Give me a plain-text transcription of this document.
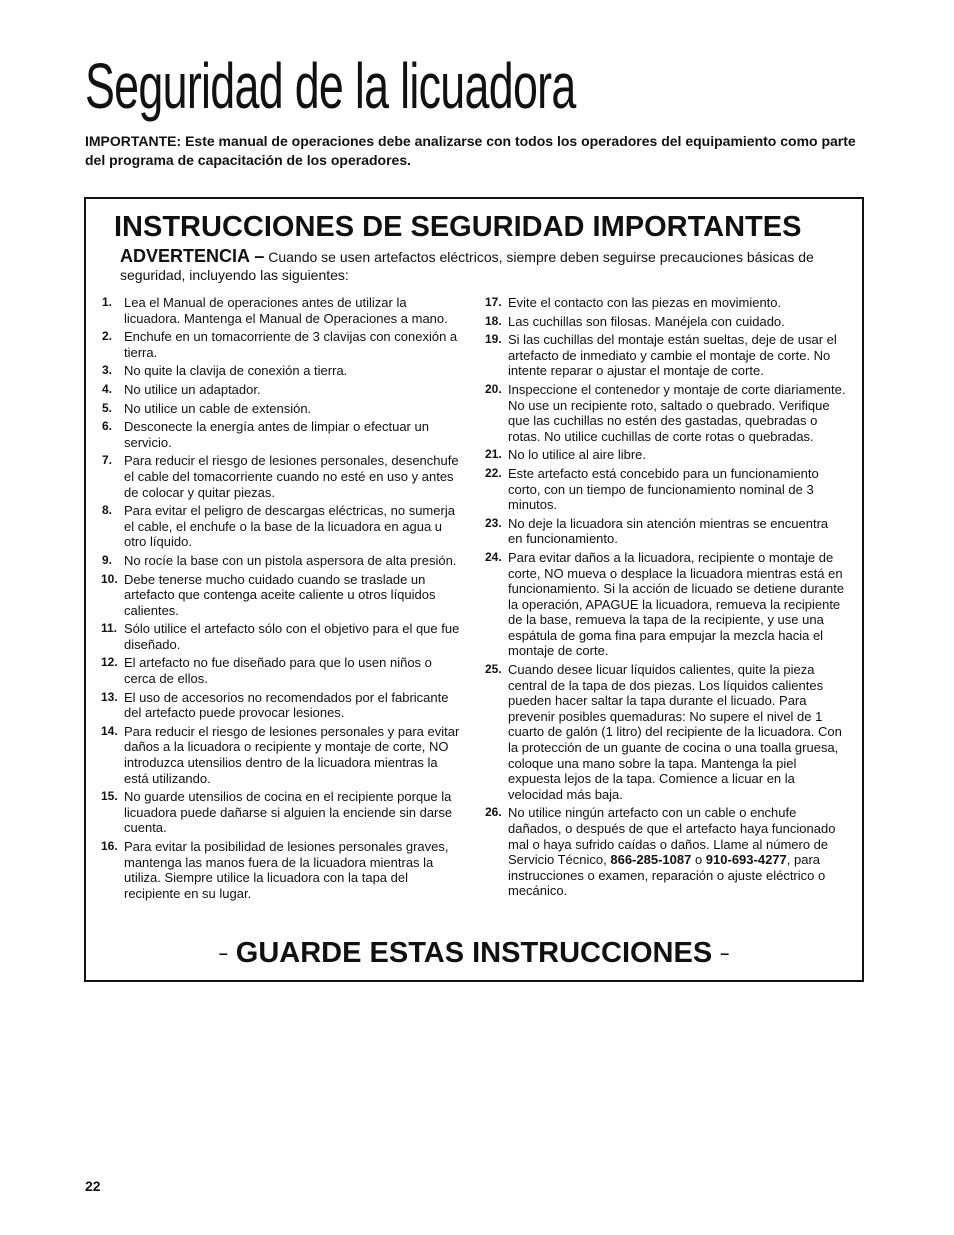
Seguridad de la licuadora
IMPORTANTE: Este manual de operaciones debe analizarse con todos los operadores del equipamiento como parte del programa de capacitación de los operadores.
INSTRUCCIONES DE SEGURIDAD IMPORTANTES
ADVERTENCIA – Cuando se usen artefactos eléctricos, siempre deben seguirse precauciones básicas de seguridad, incluyendo las siguientes:
1. Lea el Manual de operaciones antes de utilizar la licuadora. Mantenga el Manual de Operaciones a mano.
2. Enchufe en un tomacorriente de 3 clavijas con conexión a tierra.
3. No quite la clavija de conexión a tierra.
4. No utilice un adaptador.
5. No utilice un cable de extensión.
6. Desconecte la energía antes de limpiar o efectuar un servicio.
7. Para reducir el riesgo de lesiones personales, desenchufe el cable del tomacorriente cuando no esté en uso y antes de colocar y quitar piezas.
8. Para evitar el peligro de descargas eléctricas, no sumerja el cable, el enchufe o la base de la licuadora en agua u otro líquido.
9. No rocíe la base con un pistola aspersora de alta presión.
10. Debe tenerse mucho cuidado cuando se traslade un artefacto que contenga aceite caliente u otros líquidos calientes.
11. Sólo utilice el artefacto sólo con el objetivo para el que fue diseñado.
12. El artefacto no fue diseñado para que lo usen niños o cerca de ellos.
13. El uso de accesorios no recomendados por el fabricante del artefacto puede provocar lesiones.
14. Para reducir el riesgo de lesiones personales y para evitar daños a la licuadora o recipiente y montaje de corte, NO introduzca utensilios dentro de la licuadora mientras la está utilizando.
15. No guarde utensilios de cocina en el recipiente porque la licuadora puede dañarse si alguien la enciende sin darse cuenta.
16. Para evitar la posibilidad de lesiones personales graves, mantenga las manos fuera de la licuadora mientras la utiliza. Siempre utilice la licuadora con la tapa del recipiente en su lugar.
17. Evite el contacto con las piezas en movimiento.
18. Las cuchillas son filosas. Manéjela con cuidado.
19. Si las cuchillas del montaje están sueltas, deje de usar el artefacto de inmediato y cambie el montaje de corte. No intente reparar o ajustar el montaje de corte.
20. Inspeccione el contenedor y montaje de corte diariamente. No use un recipiente roto, saltado o quebrado. Verifique que las cuchillas no estén des gastadas, quebradas o rotas. No utilice cuchillas de corte rotas o quebradas.
21. No lo utilice al aire libre.
22. Este artefacto está concebido para un funcionamiento corto, con un tiempo de funcionamiento nominal de 3 minutos.
23. No deje la licuadora sin atención mientras se encuentra en funcionamiento.
24. Para evitar daños a la licuadora, recipiente o montaje de corte, NO mueva o desplace la licuadora mientras está en funcionamiento. Si la acción de licuado se detiene durante la operación, APAGUE la licuadora, remueva la recipiente de la base, remueva la tapa de la recipiente, y use una espátula de goma fina para empujar la mezcla hacia el montaje de corte.
25. Cuando desee licuar líquidos calientes, quite la pieza central de la tapa de dos piezas. Los líquidos calientes pueden hacer saltar la tapa durante el licuado. Para prevenir posibles quemaduras: No supere el nivel de 1 cuarto de galón (1 litro) del recipiente de la licuadora. Con la protección de un guante de cocina o una toalla gruesa, coloque una mano sobre la tapa. Mantenga la piel expuesta lejos de la tapa. Comience a licuar en la velocidad más baja.
26. No utilice ningún artefacto con un cable o enchufe dañados, o después de que el artefacto haya funcionado mal o haya sufrido caídas o daños. Llame al número de Servicio Técnico, 866-285-1087 o 910-693-4277, para instrucciones o examen, reparación o ajuste eléctrico o mecánico.
– GUARDE ESTAS INSTRUCCIONES –
22
